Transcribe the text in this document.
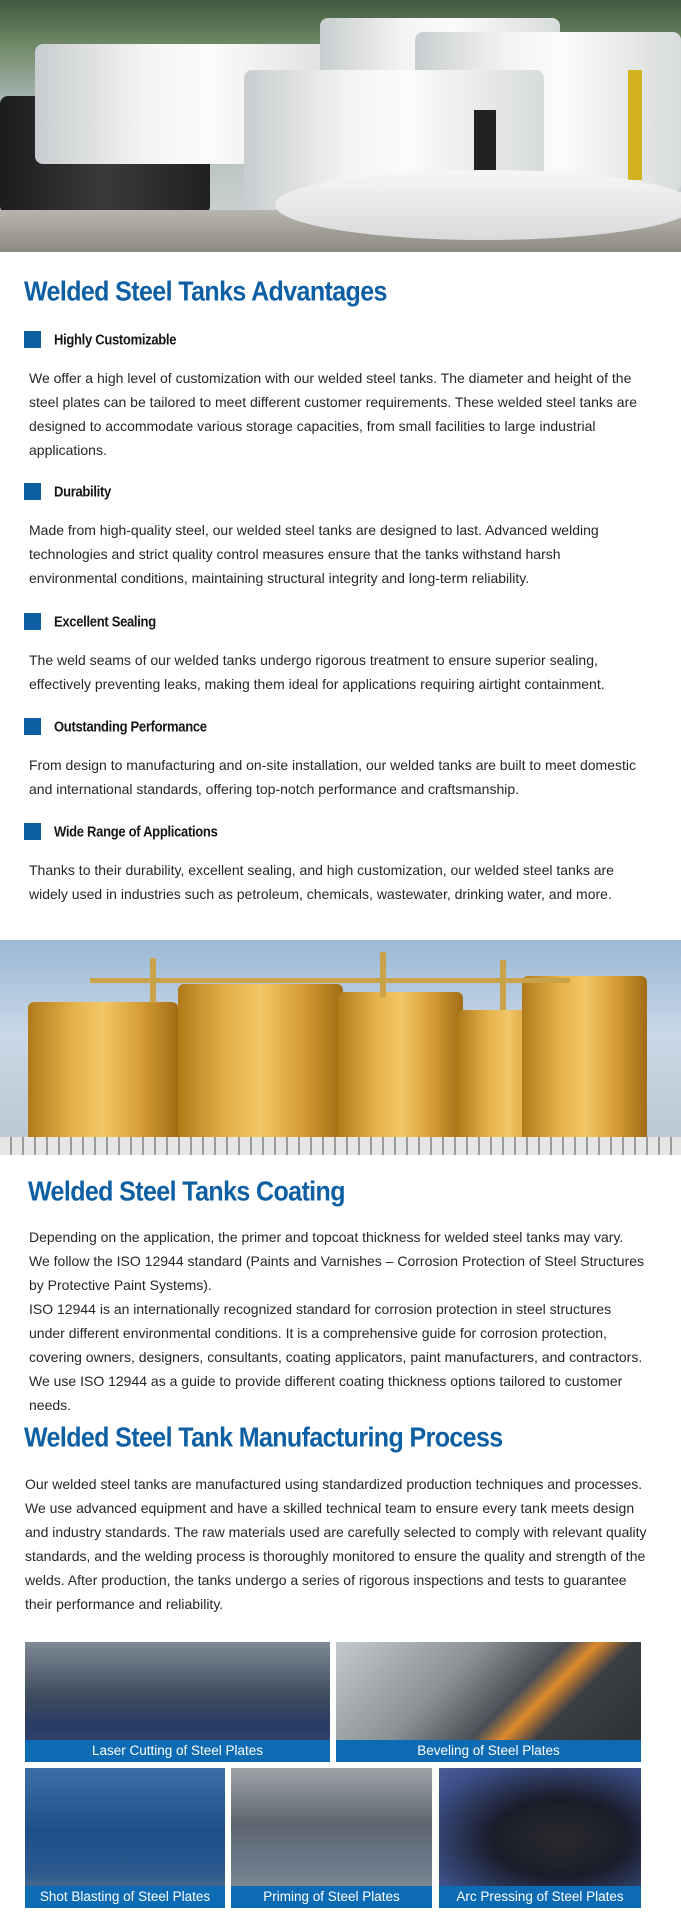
Welded Steel Tanks Advantages
Highly Customizable
We offer a high level of customization with our welded steel tanks. The diameter and height of the steel plates can be tailored to meet different customer requirements. These welded steel tanks are designed to accommodate various storage capacities, from small facilities to large industrial applications.
Durability
Made from high-quality steel, our welded steel tanks are designed to last. Advanced welding technologies and strict quality control measures ensure that the tanks withstand harsh environmental conditions, maintaining structural integrity and long-term reliability.
Excellent Sealing
The weld seams of our welded tanks undergo rigorous treatment to ensure superior sealing, effectively preventing leaks, making them ideal for applications requiring airtight containment.
Outstanding Performance
From design to manufacturing and on-site installation, our welded tanks are built to meet domestic and international standards, offering top-notch performance and craftsmanship.
Wide Range of Applications
Thanks to their durability, excellent sealing, and high customization, our welded steel tanks are widely used in industries such as petroleum, chemicals, wastewater, drinking water, and more.
Welded Steel Tanks Coating
Depending on the application, the primer and topcoat thickness for welded steel tanks may vary.
We follow the ISO 12944 standard (Paints and Varnishes – Corrosion Protection of Steel Structures by Protective Paint Systems).
ISO 12944 is an internationally recognized standard for corrosion protection in steel structures under different environmental conditions. It is a comprehensive guide for corrosion protection, covering owners, designers, consultants, coating applicators, paint manufacturers, and contractors. We use ISO 12944 as a guide to provide different coating thickness options tailored to customer needs.
Welded Steel Tank Manufacturing Process
Our welded steel tanks are manufactured using standardized production techniques and processes. We use advanced equipment and have a skilled technical team to ensure every tank meets design and industry standards. The raw materials used are carefully selected to comply with relevant quality standards, and the welding process is thoroughly monitored to ensure the quality and strength of the welds. After production, the tanks undergo a series of rigorous inspections and tests to guarantee their performance and reliability.
Laser Cutting of Steel Plates	Beveling of Steel Plates
Shot Blasting of Steel Plates	Priming of Steel Plates	Arc Pressing of Steel Plates
